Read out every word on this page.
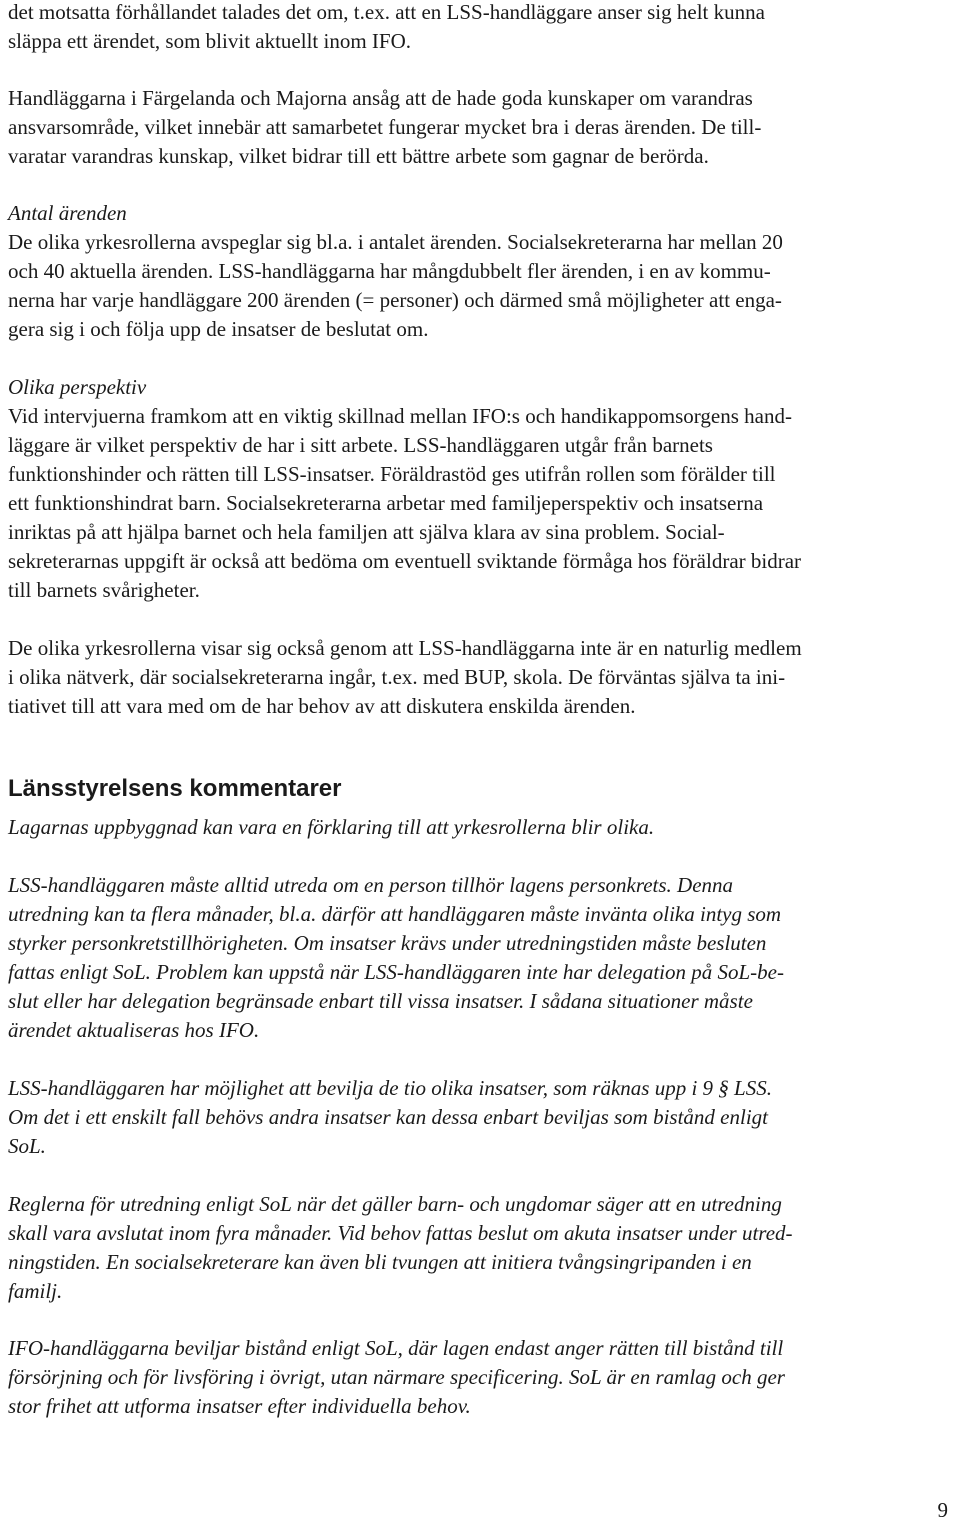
det motsatta förhållandet talades det om, t.ex. att en LSS-handläggare anser sig helt kunna
släppa ett ärendet, som blivit aktuellt inom IFO.
Handläggarna i Färgelanda och Majorna ansåg att de hade goda kunskaper om varandras
ansvarsområde, vilket innebär att samarbetet fungerar mycket bra i deras ärenden. De till-
varatar varandras kunskap, vilket bidrar till ett bättre arbete som gagnar de berörda.
Antal ärenden
De olika yrkesrollerna avspeglar sig bl.a. i antalet ärenden. Socialsekreterarna har mellan 20
och 40 aktuella ärenden. LSS-handläggarna har mångdubbelt fler ärenden, i en av kommu-
nerna har varje handläggare 200 ärenden (= personer) och därmed små möjligheter att enga-
gera sig i och följa upp de insatser de beslutat om.
Olika perspektiv
Vid intervjuerna framkom att en viktig skillnad mellan IFO:s och handikappomsorgens hand-
läggare är vilket perspektiv de har i sitt arbete. LSS-handläggaren utgår från barnets
funktionshinder och rätten till LSS-insatser. Föräldrastöd ges utifrån rollen som förälder till
ett funktionshindrat barn. Socialsekreterarna arbetar med familjeperspektiv och insatserna
inriktas på att hjälpa barnet och hela familjen att själva klara av sina problem. Social-
sekreterarnas uppgift är också att bedöma om eventuell sviktande förmåga hos föräldrar bidrar
till barnets svårigheter.
De olika yrkesrollerna visar sig också genom att LSS-handläggarna inte är en naturlig medlem
i olika nätverk, där socialsekreterarna ingår, t.ex. med BUP, skola. De förväntas själva ta ini-
tiativet till att vara med om de har behov av att diskutera enskilda ärenden.
Länsstyrelsens kommentarer
Lagarnas uppbyggnad kan vara en förklaring till att yrkesrollerna blir olika.
LSS-handläggaren måste alltid utreda om en person tillhör lagens personkrets. Denna
utredning kan ta flera månader, bl.a. därför att handläggaren måste invänta olika intyg som
styrker personkretstillhörigheten. Om insatser krävs under utredningstiden måste besluten
fattas enligt SoL. Problem kan uppstå när LSS-handläggaren inte har delegation på SoL-be-
slut eller har delegation begränsade enbart till vissa insatser. I sådana situationer måste
ärendet aktualiseras hos IFO.
LSS-handläggaren har möjlighet att bevilja de tio olika insatser, som räknas upp i 9 § LSS.
Om det i ett enskilt fall behövs andra insatser kan dessa enbart beviljas som bistånd enligt
SoL.
Reglerna för utredning enligt SoL när det gäller barn- och ungdomar säger att en utredning
skall vara avslutat inom fyra månader. Vid behov fattas beslut om akuta insatser under utred-
ningstiden. En socialsekreterare kan även bli tvungen att initiera tvångsingripanden i en
familj.
IFO-handläggarna beviljar bistånd enligt SoL, där lagen endast anger rätten till bistånd till
försörjning och för livsföring i övrigt, utan närmare specificering. SoL är en ramlag och ger
stor frihet att utforma insatser efter individuella behov.
9
